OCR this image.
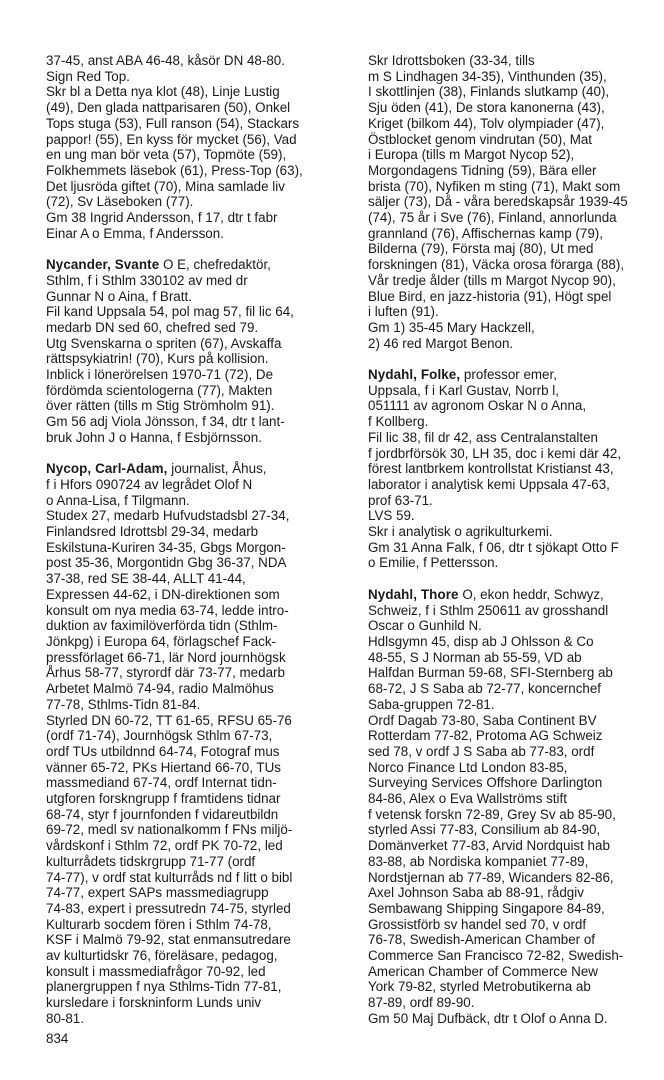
37-45, anst ABA 46-48, kåsör DN 48-80.
Sign Red Top.
Skr bl a Detta nya klot (48), Linje Lustig
(49), Den glada nattparisaren (50), Onkel
Tops stuga (53), Full ranson (54), Stackars
pappor! (55), En kyss för mycket (56), Vad
en ung man bör veta (57), Topmöte (59),
Folkhemmets läsebok (61), Press-Top (63),
Det ljusröda giftet (70), Mina samlade liv
(72), Sv Läseboken (77).
Gm 38 Ingrid Andersson, f 17, dtr t fabr
Einar A o Emma, f Andersson.

Nycander, Svante O E, chefredaktör,
Sthlm, f i Sthlm 330102 av med dr
Gunnar N o Aina, f Bratt.
Fil kand Uppsala 54, pol mag 57, fil lic 64,
medarb DN sed 60, chefred sed 79.
Utg Svenskarna o spriten (67), Avskaffa
rättspsykiatrin! (70), Kurs på kollision.
Inblick i lönerörelsen 1970-71 (72), De
fördömda scientologerna (77), Makten
över rätten (tills m Stig Strömholm 91).
Gm 56 adj Viola Jönsson, f 34, dtr t lant-
bruk John J o Hanna, f Esbjörnsson.

Nycop, Carl-Adam, journalist, Åhus,
f i Hfors 090724 av legrådet Olof N
o Anna-Lisa, f Tilgmann.
Studex 27, medarb Hufvudstadsbl 27-34,
Finlandsred Idrottsbl 29-34, medarb
Eskilstuna-Kuriren 34-35, Gbgs Morgon-
post 35-36, Morgontidn Gbg 36-37, NDA
37-38, red SE 38-44, ALLT 41-44,
Expressen 44-62, i DN-direktionen som
konsult om nya media 63-74, ledde intro-
duktion av faximilöverförda tidn (Sthlm-
Jönkpg) i Europa 64, förlagschef Fack-
pressförlaget 66-71, lär Nord journhögsk
Århus 58-77, styrordf där 73-77, medarb
Arbetet Malmö 74-94, radio Malmöhus
77-78, Sthlms-Tidn 81-84.
Styrled DN 60-72, TT 61-65, RFSU 65-76
(ordf 71-74), Journhögsk Sthlm 67-73,
ordf TUs utbildnnd 64-74, Fotograf mus
vänner 65-72, PKs Hiertand 66-70, TUs
massmediand 67-74, ordf Internat tidn-
utgforen forskngrupp f framtidens tidnar
68-74, styr f journfonden f vidareutbildn
69-72, medl sv nationalkomm f FNs miljö-
vårdskonf i Sthlm 72, ordf PK 70-72, led
kulturrådets tidskrgrupp 71-77 (ordf
74-77), v ordf stat kulturråds nd f litt o bibl
74-77, expert SAPs massmediagrupp
74-83, expert i pressutredn 74-75, styrled
Kulturarb socdem fören i Sthlm 74-78,
KSF i Malmö 79-92, stat enmansutredare
av kulturtidskr 76, föreläsare, pedagog,
konsult i massmediafrågor 70-92, led
planergruppen f nya Sthlms-Tidn 77-81,
kursledare i forskninform Lunds univ
80-81.

Skr Idrottsboken (33-34, tills
m S Lindhagen 34-35), Vinthunden (35),
I skottlinjen (38), Finlands slutkamp (40),
Sju öden (41), De stora kanonerna (43),
Kriget (bilkom 44), Tolv olympiader (47),
Östblocket genom vindrutan (50), Mat
i Europa (tills m Margot Nycop 52),
Morgondagens Tidning (59), Bära eller
brista (70), Nyfiken m sting (71), Makt som
säljer (73), Då - våra beredskapsår 1939-45
(74), 75 år i Sve (76), Finland, annorlunda
grannland (76), Affischernas kamp (79),
Bilderna (79), Första maj (80), Ut med
forskningen (81), Väcka orosa förarga (88),
Vår tredje ålder (tills m Margot Nycop 90),
Blue Bird, en jazz-historia (91), Högt spel
i luften (91).
Gm 1) 35-45 Mary Hackzell,
2) 46 red Margot Benon.

Nydahl, Folke, professor emer,
Uppsala, f i Karl Gustav, Norrb l,
051111 av agronom Oskar N o Anna,
f Kollberg.
Fil lic 38, fil dr 42, ass Centralanstalten
f jordbrförsök 30, LH 35, doc i kemi där 42,
förest lantbrkem kontrollstat Kristianst 43,
laborator i analytisk kemi Uppsala 47-63,
prof 63-71.
LVS 59.
Skr i analytisk o agrikulturkemi.
Gm 31 Anna Falk, f 06, dtr t sjökapt Otto F
o Emilie, f Pettersson.

Nydahl, Thore O, ekon heddr, Schwyz,
Schweiz, f i Sthlm 250611 av grosshandl
Oscar o Gunhild N.
Hdlsgymn 45, disp ab J Ohlsson & Co
48-55, S J Norman ab 55-59, VD ab
Halfdan Burman 59-68, SFI-Sternberg ab
68-72, J S Saba ab 72-77, koncernchef
Saba-gruppen 72-81.
Ordf Dagab 73-80, Saba Continent BV
Rotterdam 77-82, Protoma AG Schweiz
sed 78, v ordf J S Saba ab 77-83, ordf
Norco Finance Ltd London 83-85,
Surveying Services Offshore Darlington
84-86, Alex o Eva Wallströms stift
f vetensk forskn 72-89, Grey Sv ab 85-90,
styrled Assi 77-83, Consilium ab 84-90,
Domänverket 77-83, Arvid Nordquist hab
83-88, ab Nordiska kompaniet 77-89,
Nordstjernan ab 77-89, Wicanders 82-86,
Axel Johnson Saba ab 88-91, rådgiv
Sembawang Shipping Singapore 84-89,
Grossistförb sv handel sed 70, v ordf
76-78, Swedish-American Chamber of
Commerce San Francisco 72-82, Swedish-
American Chamber of Commerce New
York 79-82, styrled Metrobutikerna ab
87-89, ordf 89-90.
Gm 50 Maj Dufbäck, dtr t Olof o Anna D.

834
